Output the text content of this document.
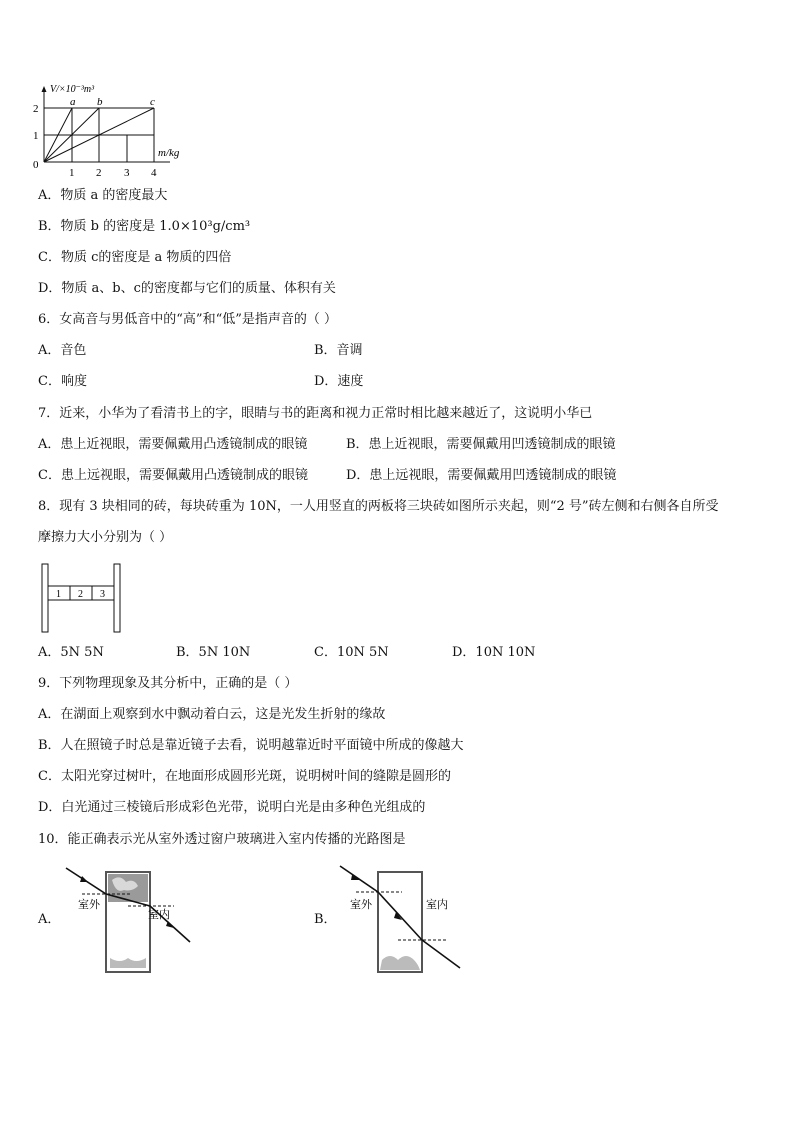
V/×10⁻³m³
a b	c
2
1
0
m/kg
1 2 3 4
A．物质 a 的密度最大
B．物质 b 的密度是 1.0×10³g/cm³
C．物质 c的密度是 a 物质的四倍
D．物质 a、b、c的密度都与它们的质量、体积有关
6．女高音与男低音中的“高”和“低”是指声音的（ ）
A．音色	B．音调
C．响度	D．速度
7．近来，小华为了看清书上的字，眼睛与书的距离和视力正常时相比越来越近了，这说明小华已
A．患上近视眼，需要佩戴用凸透镜制成的眼镜	B．患上近视眼，需要佩戴用凹透镜制成的眼镜
C．患上远视眼，需要佩戴用凸透镜制成的眼镜	D．患上远视眼，需要佩戴用凹透镜制成的眼镜
8．现有 3 块相同的砖，每块砖重为 10N，一人用竖直的两板将三块砖如图所示夹起，则“2 号”砖左侧和右侧各自所受
摩擦力大小分别为（ ）
1 2 3
A．5N 5N	B．5N 10N	C．10N 5N	D．10N 10N
9．下列物理现象及其分析中，正确的是（ ）
A．在湖面上观察到水中飘动着白云，这是光发生折射的缘故
B．人在照镜子时总是靠近镜子去看，说明越靠近时平面镜中所成的像越大
C．太阳光穿过树叶，在地面形成圆形光斑，说明树叶间的缝隙是圆形的
D．白光通过三棱镜后形成彩色光带，说明白光是由多种色光组成的
10．能正确表示光从室外透过窗户玻璃进入室内传播的光路图是
A．	B．
室外
室内
室外	室内
